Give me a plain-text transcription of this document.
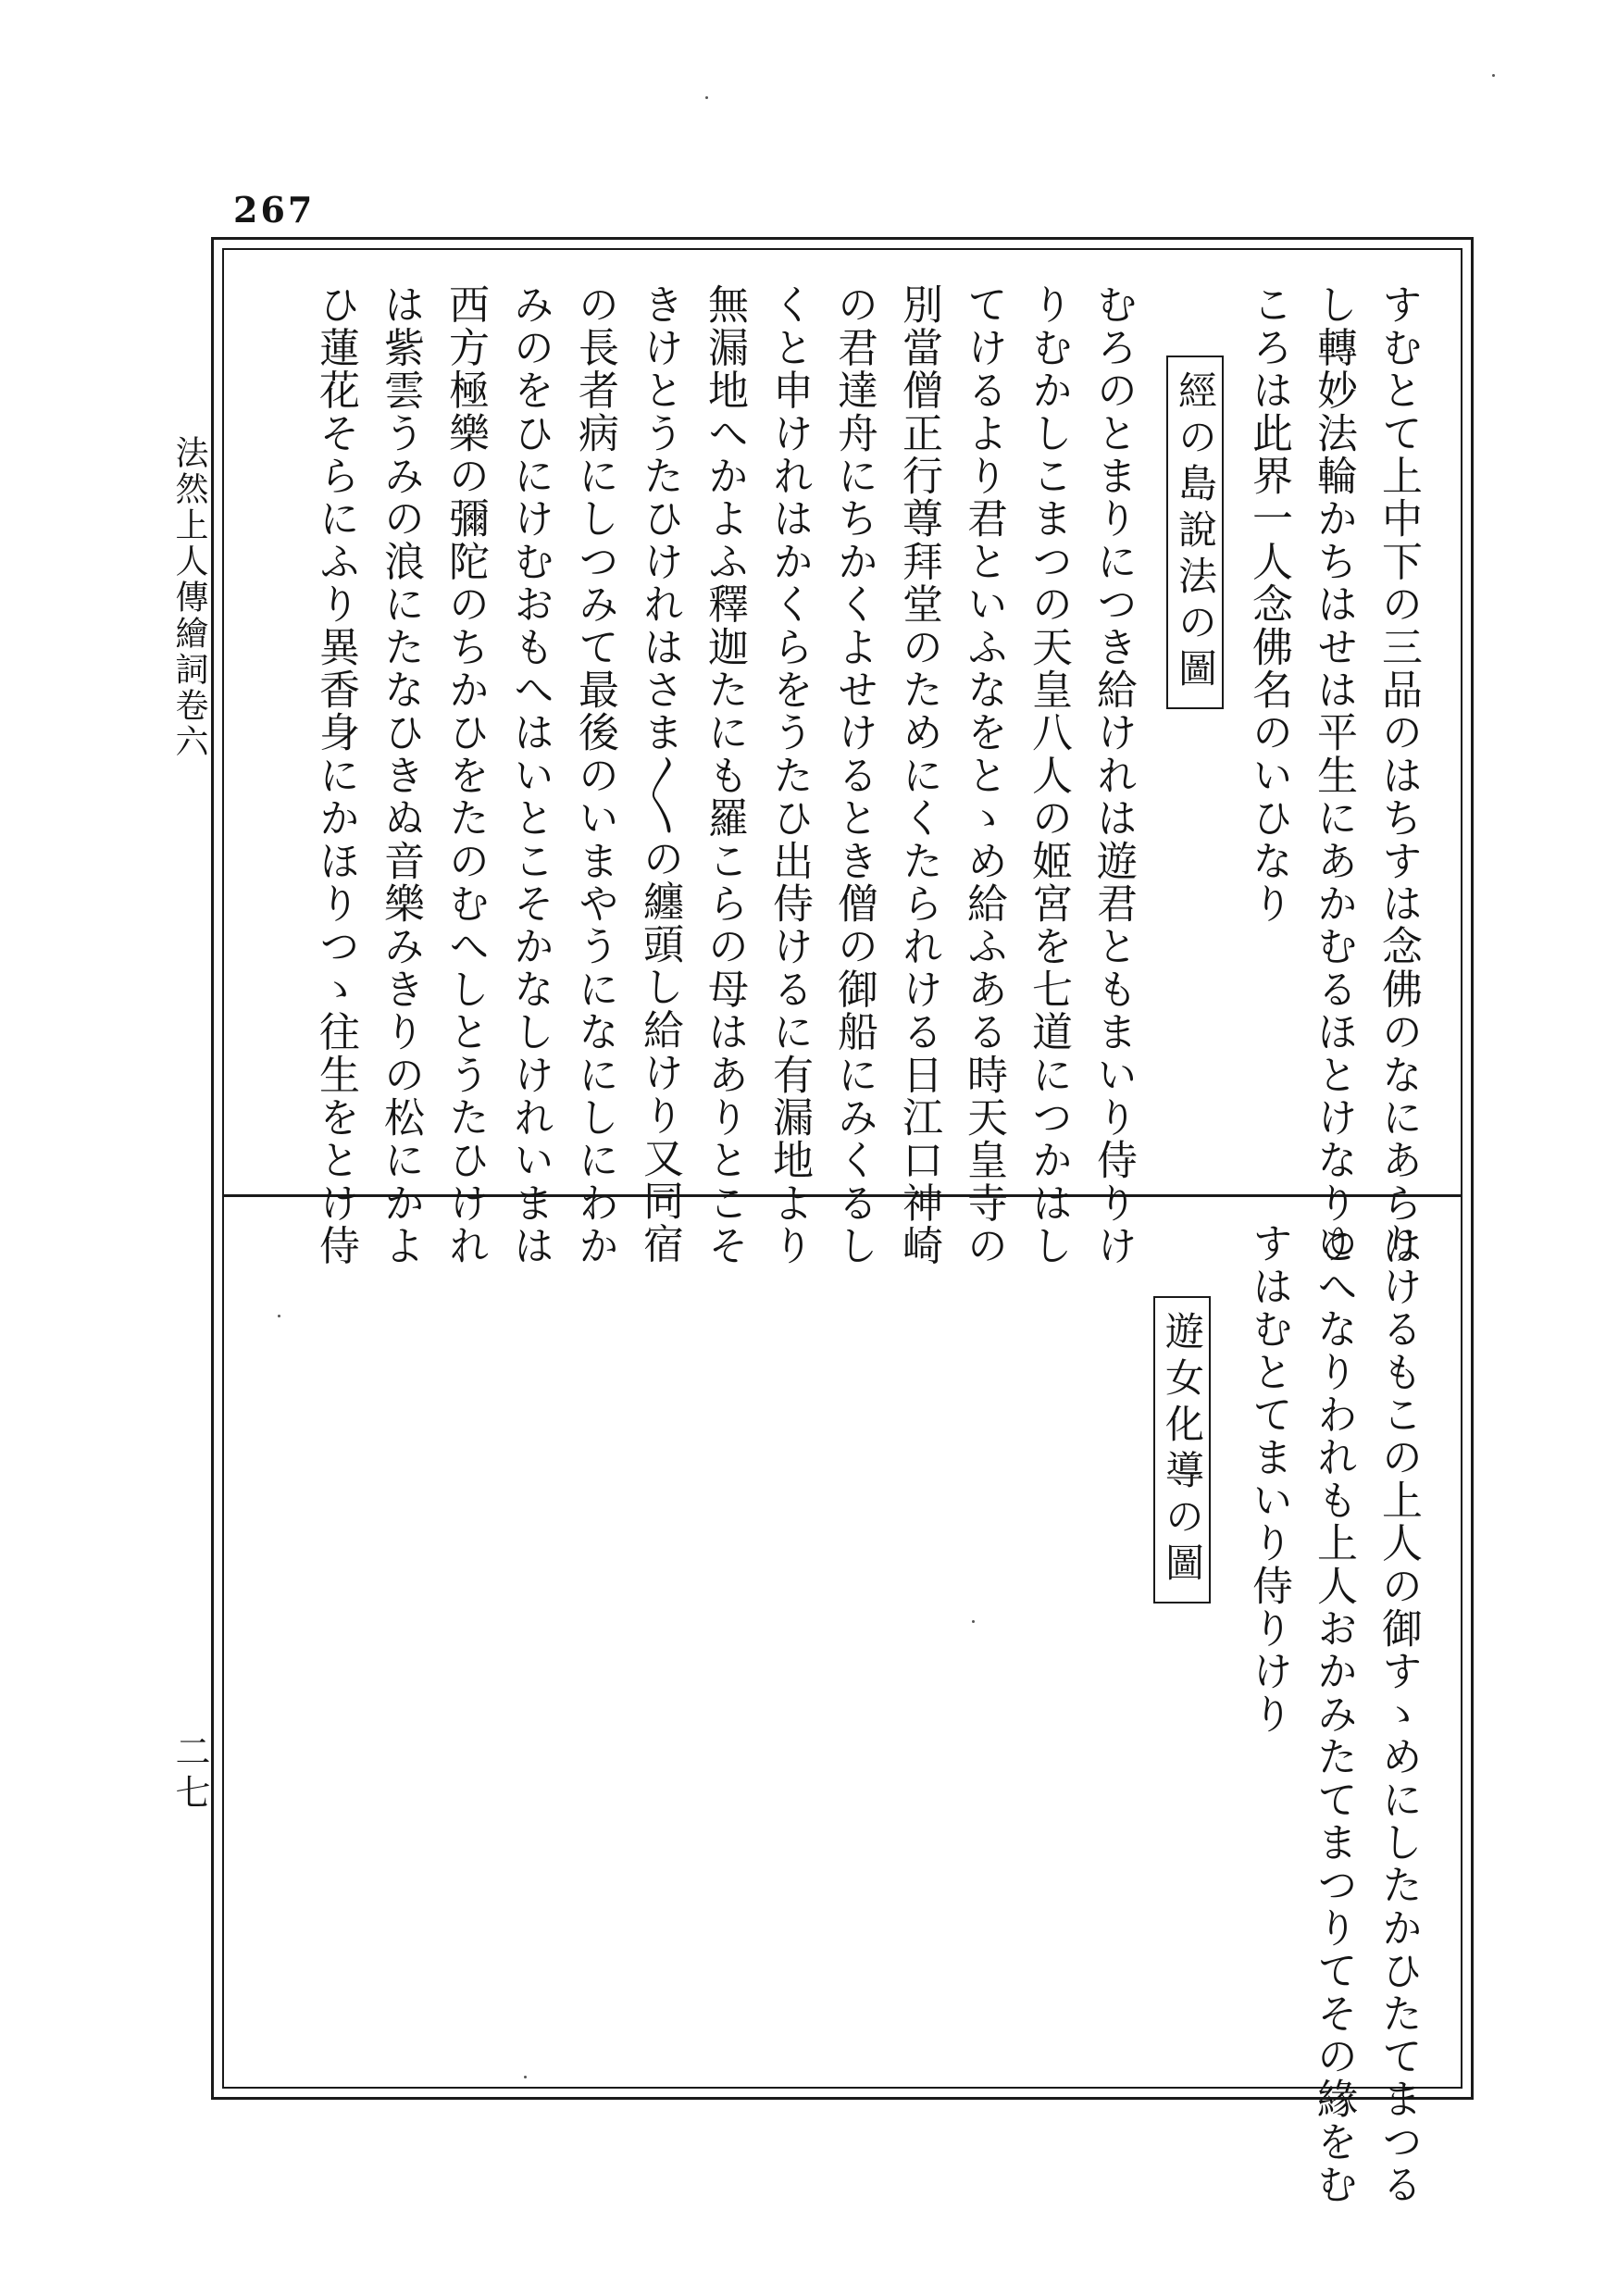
267
法然上人傳繪詞卷六
二七
すむとて上中下の三品のはちすは念佛のなにあらは
し轉妙法輪かちはせは平生にあかむるほとけなりこ
ころは此界一人念佛名のいひなり
經の島說法の圖
むろのとまりにつき給けれは遊君ともまいり侍りけ
りむかしこまつの天皇八人の姬宮を七道につかはし
てけるより君といふなをとゝめ給ふある時天皇寺の
別當僧正行尊拜堂のためにくたられける日江口神崎
の君達舟にちかくよせけるとき僧の御船にみくるし
くと申けれはかくらをうたひ出侍けるに有漏地より
無漏地へかよふ釋迦たにも羅こらの母はありとこそ
きけとうたひけれはさま〳〵の纏頭し給けり又同宿
の長者病にしつみて最後のいまやうになにしにわか
みのをひにけむおもへはいとこそかなしけれいまは
西方極樂の彌陀のちかひをたのむへしとうたひけれ
は紫雲うみの浪にたなひきぬ音樂みきりの松にかよ
ひ蓮花そらにふり異香身にかほりつゝ往生をとけ侍
りけるもこの上人の御すゝめにしたかひたてまつる
ゆへなりわれも上人おかみたてまつりてその緣をむ
すはむとてまいり侍りけり
遊女化導の圖
